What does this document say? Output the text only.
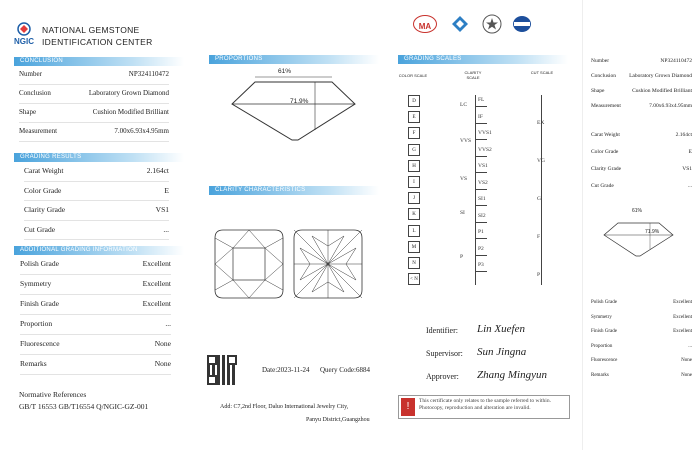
NGIC
NATIONAL GEMSTONE
IDENTIFICATION CENTER
MA
CONCLUSION
Number	NP324110472
Conclusion	Laboratory Grown Diamond
Shape	Cushion Modified Brilliant
Measurement	7.00x6.93x4.95mm
GRADING RESULTS
Carat Weight	2.164ct
Color Grade	E
Clarity Grade	VS1
Cut Grade	...
ADDITIONAL GRADING INFORMATION
Polish Grade	Excellent
Symmetry	Excellent
Finish Grade	Excellent
Proportion	...
Fluorescence	None
Remarks	None
Normative References
GB/T 16553 GB/T16554 Q/NGIC-GZ-001
PROPORTIONS
61%
71.9%
CLARITY CHARACTERISTICS
Date:2023-11-24 Query Code:6884
Add: C7,2nd Floor, Daluo International Jewelry City,
Panyu District,Guangzhou
GRADING SCALES
COLOR SCALE
CLARITY SCALE
CUT SCALE
D
E
F
G
H
I
J
K
L
M
N
< N
FL
IF
VVS1
VVS2
VS1
VS2
SI1
SI2
P1
P2
P3
LC
VVS
VS
SI
P
EX
VG
G
F
P
Identifier: Lin Xuefen
Supervisor: Sun Jingna
Approver: Zhang Mingyun
!	This certificate only relates to the sample referred to within. Photocopy, reproduction and alteration are invalid.
Number	NP324110472
Conclusion Laboratory Grown Diamond
Shape	Cushion Modified Brilliant
Measurement	7.00x6.93x4.95mm
Carat Weight	2.164ct
Color Grade	E
Clarity Grade	VS1
Cut Grade	...
61%
71.9%
Polish Grade	Excellent
Symmetry	Excellent
Finish Grade	Excellent
Proportion	...
Fluorescence	None
Remarks	None
